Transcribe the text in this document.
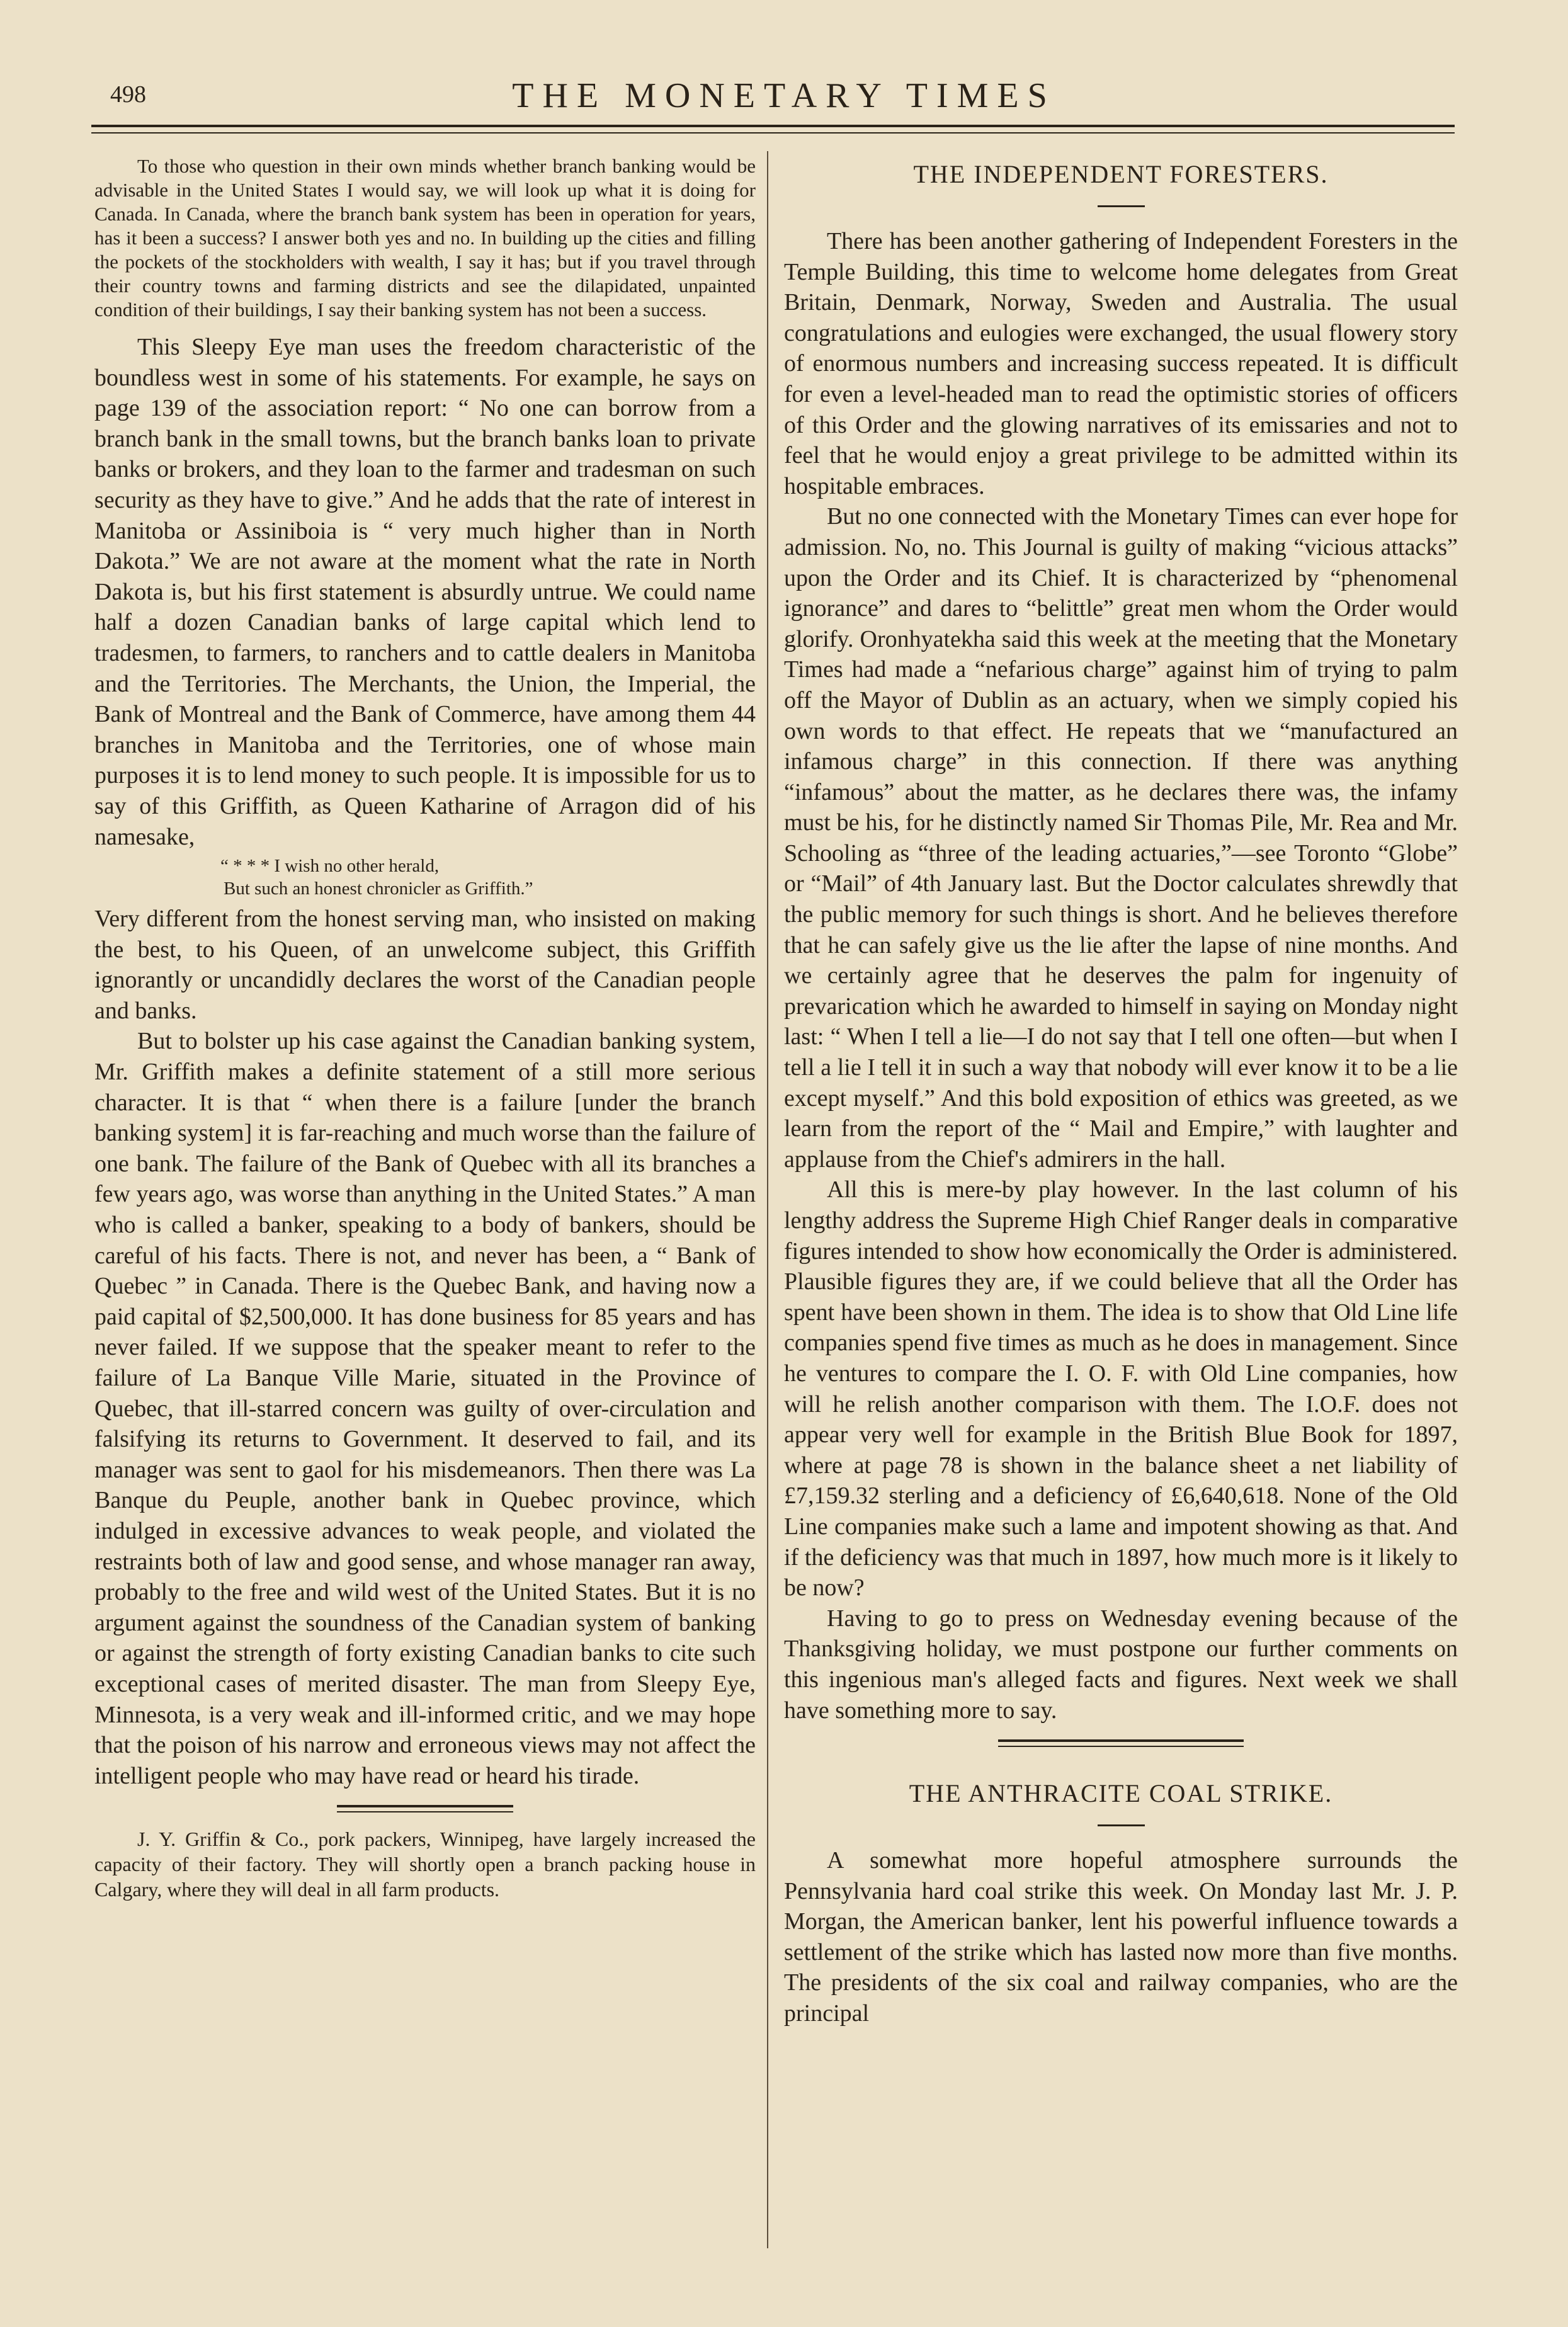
498	THE MONETARY TIMES

To those who question in their own minds whether branch banking would be advisable in the United States I would say, we will look up what it is doing for Canada. In Canada, where the branch bank system has been in operation for years, has it been a success? I answer both yes and no. In building up the cities and filling the pockets of the stockholders with wealth, I say it has; but if you travel through their country towns and farming districts and see the dilapidated, unpainted condition of their buildings, I say their banking system has not been a success.

This Sleepy Eye man uses the freedom characteristic of the boundless west in some of his statements. For example, he says on page 139 of the association report: “ No one can borrow from a branch bank in the small towns, but the branch banks loan to private banks or brokers, and they loan to the farmer and tradesman on such security as they have to give.” And he adds that the rate of interest in Manitoba or Assiniboia is “ very much higher than in North Dakota.” We are not aware at the moment what the rate in North Dakota is, but his first statement is absurdly untrue. We could name half a dozen Canadian banks of large capital which lend to tradesmen, to farmers, to ranchers and to cattle dealers in Manitoba and the Territories. The Merchants, the Union, the Imperial, the Bank of Montreal and the Bank of Commerce, have among them 44 branches in Manitoba and the Territories, one of whose main purposes it is to lend money to such people. It is impossible for us to say of this Griffith, as Queen Katharine of Arragon did of his namesake,

“ * * * I wish no other herald,
But such an honest chronicler as Griffith.”

Very different from the honest serving man, who insisted on making the best, to his Queen, of an unwelcome subject, this Griffith ignorantly or uncandidly declares the worst of the Canadian people and banks.

But to bolster up his case against the Canadian banking system, Mr. Griffith makes a definite statement of a still more serious character. It is that “ when there is a failure [under the branch banking system] it is far-reaching and much worse than the failure of one bank. The failure of the Bank of Quebec with all its branches a few years ago, was worse than anything in the United States.” A man who is called a banker, speaking to a body of bankers, should be careful of his facts. There is not, and never has been, a “ Bank of Quebec ” in Canada. There is the Quebec Bank, and having now a paid capital of $2,500,000. It has done business for 85 years and has never failed. If we suppose that the speaker meant to refer to the failure of La Banque Ville Marie, situated in the Province of Quebec, that ill-starred concern was guilty of over-circulation and falsifying its returns to Government. It deserved to fail, and its manager was sent to gaol for his misdemeanors. Then there was La Banque du Peuple, another bank in Quebec province, which indulged in excessive advances to weak people, and violated the restraints both of law and good sense, and whose manager ran away, probably to the free and wild west of the United States. But it is no argument against the soundness of the Canadian system of banking or against the strength of forty existing Canadian banks to cite such exceptional cases of merited disaster. The man from Sleepy Eye, Minnesota, is a very weak and ill-informed critic, and we may hope that the poison of his narrow and erroneous views may not affect the intelligent people who may have read or heard his tirade.

J. Y. Griffin & Co., pork packers, Winnipeg, have largely increased the capacity of their factory. They will shortly open a branch packing house in Calgary, where they will deal in all farm products.

THE INDEPENDENT FORESTERS.

There has been another gathering of Independent Foresters in the Temple Building, this time to welcome home delegates from Great Britain, Denmark, Norway, Sweden and Australia. The usual congratulations and eulogies were exchanged, the usual flowery story of enormous numbers and increasing success repeated. It is difficult for even a level-headed man to read the optimistic stories of officers of this Order and the glowing narratives of its emissaries and not to feel that he would enjoy a great privilege to be admitted within its hospitable embraces.

But no one connected with the Monetary Times can ever hope for admission. No, no. This Journal is guilty of making “vicious attacks” upon the Order and its Chief. It is characterized by “phenomenal ignorance” and dares to “belittle” great men whom the Order would glorify. Oronhyatekha said this week at the meeting that the Monetary Times had made a “nefarious charge” against him of trying to palm off the Mayor of Dublin as an actuary, when we simply copied his own words to that effect. He repeats that we “manufactured an infamous charge” in this connection. If there was anything “infamous” about the matter, as he declares there was, the infamy must be his, for he distinctly named Sir Thomas Pile, Mr. Rea and Mr. Schooling as “three of the leading actuaries,”—see Toronto “Globe” or “Mail” of 4th January last. But the Doctor calculates shrewdly that the public memory for such things is short. And he believes therefore that he can safely give us the lie after the lapse of nine months. And we certainly agree that he deserves the palm for ingenuity of prevarication which he awarded to himself in saying on Monday night last: “ When I tell a lie—I do not say that I tell one often—but when I tell a lie I tell it in such a way that nobody will ever know it to be a lie except myself.” And this bold exposition of ethics was greeted, as we learn from the report of the “ Mail and Empire,” with laughter and applause from the Chief's admirers in the hall.

All this is mere-by play however. In the last column of his lengthy address the Supreme High Chief Ranger deals in comparative figures intended to show how economically the Order is administered. Plausible figures they are, if we could believe that all the Order has spent have been shown in them. The idea is to show that Old Line life companies spend five times as much as he does in management. Since he ventures to compare the I. O. F. with Old Line companies, how will he relish another comparison with them. The I.O.F. does not appear very well for example in the British Blue Book for 1897, where at page 78 is shown in the balance sheet a net liability of £7,159.32 sterling and a deficiency of £6,640,618. None of the Old Line companies make such a lame and impotent showing as that. And if the deficiency was that much in 1897, how much more is it likely to be now?

Having to go to press on Wednesday evening because of the Thanksgiving holiday, we must postpone our further comments on this ingenious man's alleged facts and figures. Next week we shall have something more to say.

THE ANTHRACITE COAL STRIKE.

A somewhat more hopeful atmosphere surrounds the Pennsylvania hard coal strike this week. On Monday last Mr. J. P. Morgan, the American banker, lent his powerful influence towards a settlement of the strike which has lasted now more than five months. The presidents of the six coal and railway companies, who are the principal
